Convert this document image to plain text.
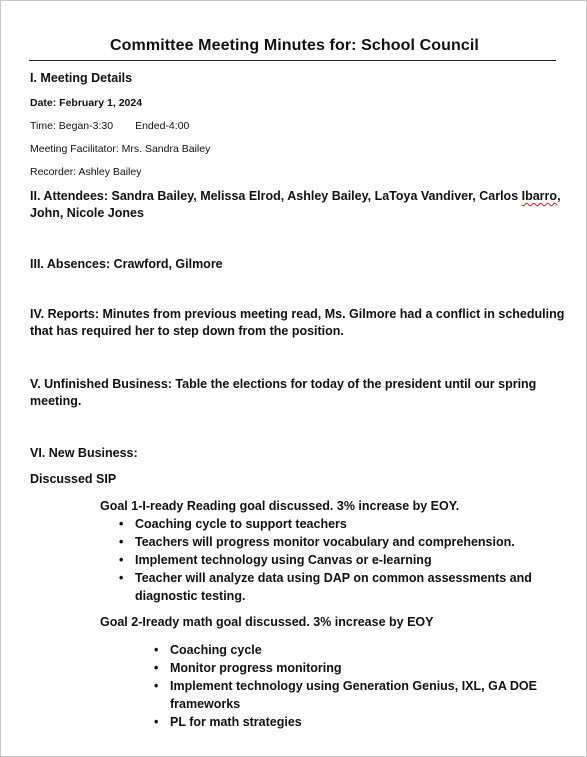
Committee Meeting Minutes for: School Council
I. Meeting Details
Date: February 1, 2024
Time: Began-3:30 Ended-4:00
Meeting Facilitator: Mrs. Sandra Bailey
Recorder: Ashley Bailey
II. Attendees: Sandra Bailey, Melissa Elrod, Ashley Bailey, LaToya Vandiver, Carlos Ibarro,
John, Nicole Jones
III. Absences: Crawford, Gilmore
IV. Reports: Minutes from previous meeting read, Ms. Gilmore had a conflict in scheduling
that has required her to step down from the position.
V. Unfinished Business: Table the elections for today of the president until our spring
meeting.
VI. New Business:
Discussed SIP
Goal 1-I-ready Reading goal discussed. 3% increase by EOY.
• Coaching cycle to support teachers
• Teachers will progress monitor vocabulary and comprehension.
• Implement technology using Canvas or e-learning
• Teacher will analyze data using DAP on common assessments and
diagnostic testing.
Goal 2-Iready math goal discussed. 3% increase by EOY
• Coaching cycle
• Monitor progress monitoring
• Implement technology using Generation Genius, IXL, GA DOE
frameworks
• PL for math strategies
